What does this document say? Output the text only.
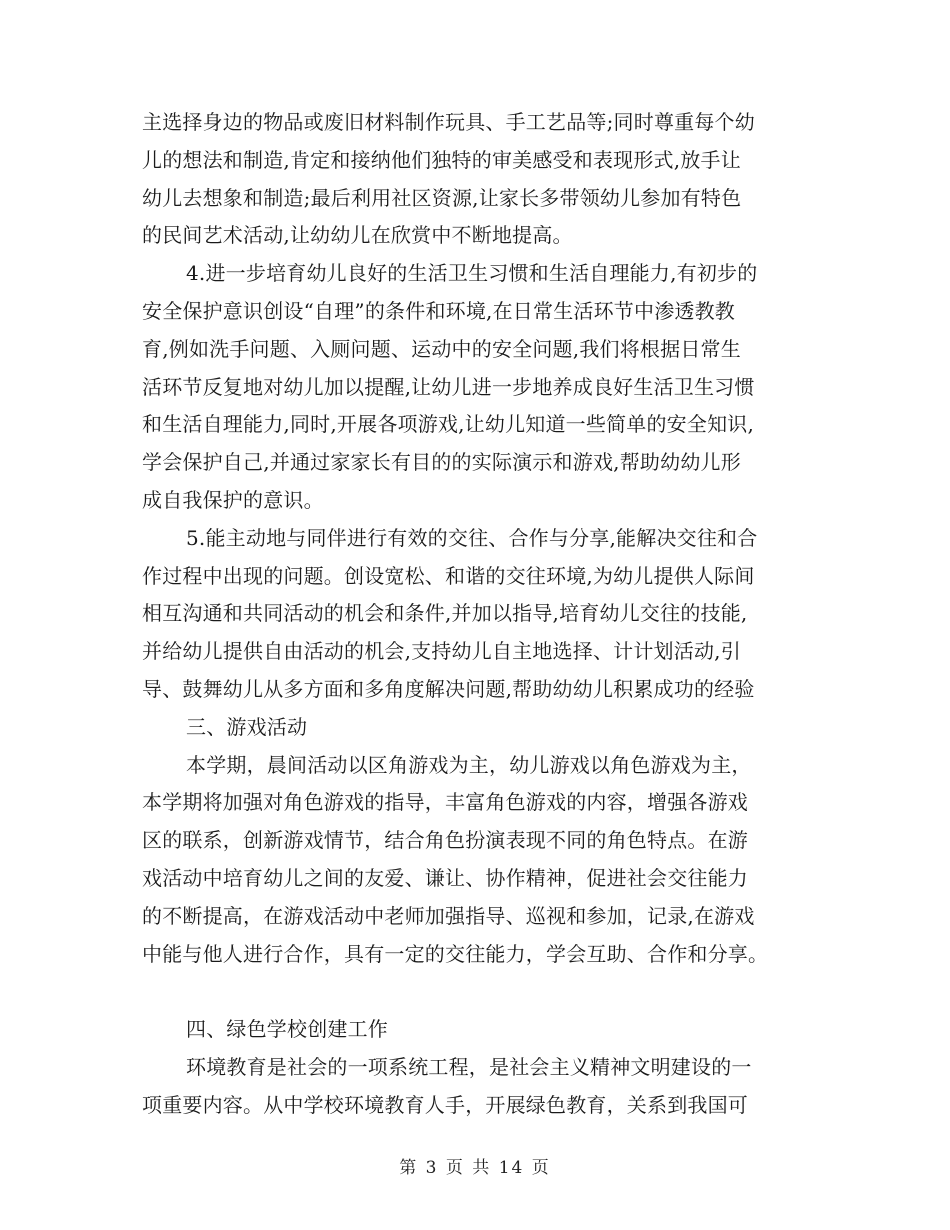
主选择身边的物品或废旧材料制作玩具、手工艺品等;同时尊重每个幼
儿的想法和制造,肯定和接纳他们独特的审美感受和表现形式,放手让
幼儿去想象和制造;最后利用社区资源,让家长多带领幼儿参加有特色
的民间艺术活动,让幼幼儿在欣赏中不断地提高。
4.进一步培育幼儿良好的生活卫生习惯和生活自理能力,有初步的
安全保护意识创设“自理”的条件和环境,在日常生活环节中渗透教教
育,例如洗手问题、入厕问题、运动中的安全问题,我们将根据日常生
活环节反复地对幼儿加以提醒,让幼儿进一步地养成良好生活卫生习惯
和生活自理能力,同时,开展各项游戏,让幼儿知道一些简单的安全知识,
学会保护自己,并通过家家长有目的的实际演示和游戏,帮助幼幼儿形
成自我保护的意识。
5.能主动地与同伴进行有效的交往、合作与分享,能解决交往和合
作过程中出现的问题。创设宽松、和谐的交往环境,为幼儿提供人际间
相互沟通和共同活动的机会和条件,并加以指导,培育幼儿交往的技能,
并给幼儿提供自由活动的机会,支持幼儿自主地选择、计计划活动,引
导、鼓舞幼儿从多方面和多角度解决问题,帮助幼幼儿积累成功的经验
三、游戏活动
本学期，晨间活动以区角游戏为主，幼儿游戏以角色游戏为主，
本学期将加强对角色游戏的指导，丰富角色游戏的内容，增强各游戏
区的联系，创新游戏情节，结合角色扮演表现不同的角色特点。在游
戏活动中培育幼儿之间的友爱、谦让、协作精神，促进社会交往能力
的不断提高，在游戏活动中老师加强指导、巡视和参加，记录,在游戏
中能与他人进行合作，具有一定的交往能力，学会互助、合作和分享。
四、绿色学校创建工作
环境教育是社会的一项系统工程，是社会主义精神文明建设的一
项重要内容。从中学校环境教育人手，开展绿色教育，关系到我国可
第 3 页 共 14 页
